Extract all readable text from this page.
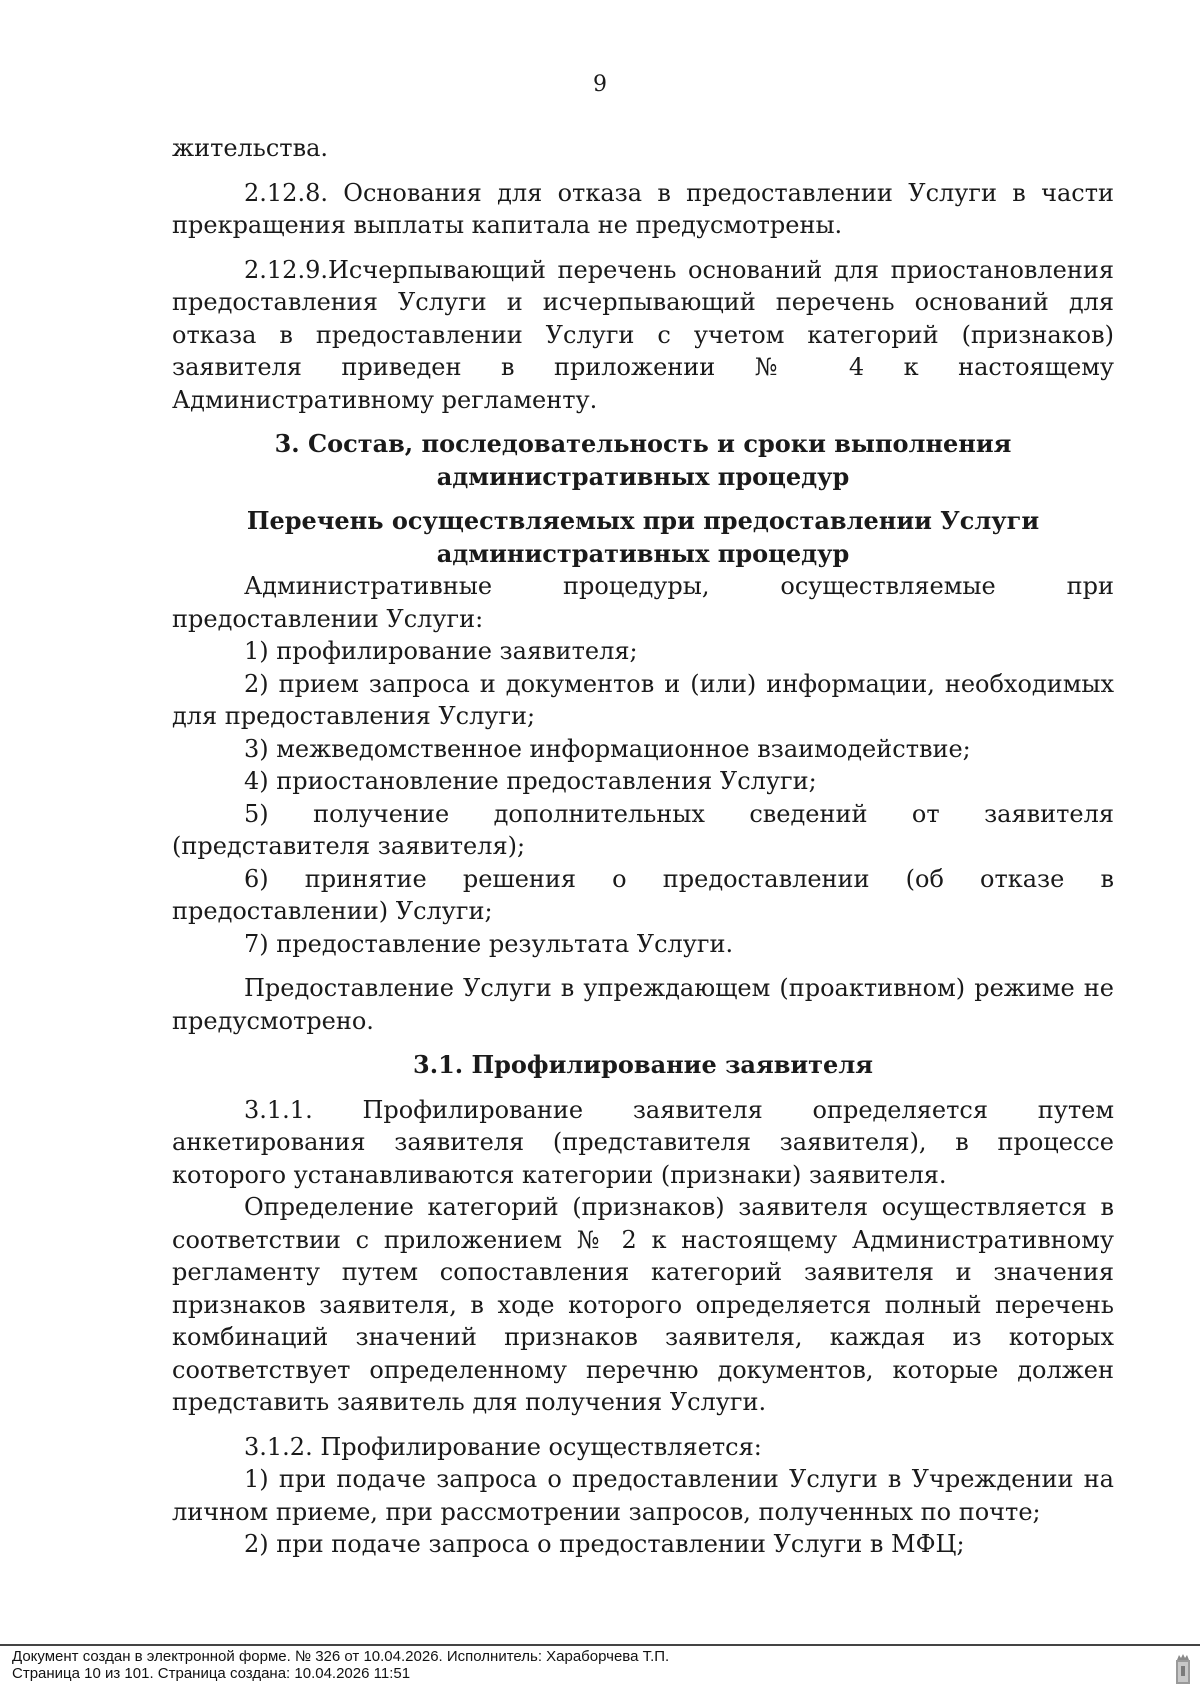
9
жительства.
2.12.8. Основания для отказа в предоставлении Услуги в части прекращения выплаты капитала не предусмотрены.
2.12.9.Исчерпывающий перечень оснований для приостановления предоставления Услуги и исчерпывающий перечень оснований для отказа в предоставлении Услуги с учетом категорий (признаков) заявителя приведен в приложении № 4 к настоящему Административному регламенту.
3. Состав, последовательность и сроки выполнения административных процедур
Перечень осуществляемых при предоставлении Услуги административных процедур
Административные процедуры, осуществляемые при предоставлении Услуги:
1) профилирование заявителя;
2) прием запроса и документов и (или) информации, необходимых для предоставления Услуги;
3) межведомственное информационное взаимодействие;
4) приостановление предоставления Услуги;
5) получение дополнительных сведений от заявителя (представителя заявителя);
6) принятие решения о предоставлении (об отказе в предоставлении) Услуги;
7) предоставление результата Услуги.
Предоставление Услуги в упреждающем (проактивном) режиме не предусмотрено.
3.1. Профилирование заявителя
3.1.1. Профилирование заявителя определяется путем анкетирования заявителя (представителя заявителя), в процессе которого устанавливаются категории (признаки) заявителя.
Определение категорий (признаков) заявителя осуществляется в соответствии с приложением № 2 к настоящему Административному регламенту путем сопоставления категорий заявителя и значения признаков заявителя, в ходе которого определяется полный перечень комбинаций значений признаков заявителя, каждая из которых соответствует определенному перечню документов, которые должен представить заявитель для получения Услуги.
3.1.2. Профилирование осуществляется:
1) при подаче запроса о предоставлении Услуги в Учреждении на личном приеме, при рассмотрении запросов, полученных по почте;
2) при подаче запроса о предоставлении Услуги в МФЦ;
Документ создан в электронной форме. № 326 от 10.04.2026. Исполнитель: Хараборчева Т.П.
Страница 10 из 101. Страница создана: 10.04.2026 11:51
